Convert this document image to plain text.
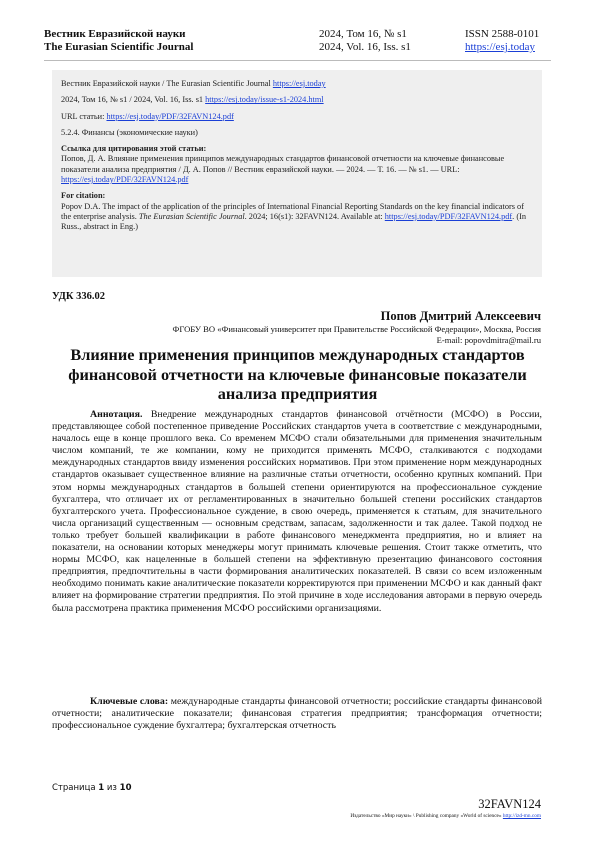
Вестник Евразийской науки
The Eurasian Scientific Journal
2024, Том 16, № s1
2024, Vol. 16, Iss. s1
ISSN 2588-0101
https://esj.today

Вестник Евразийской науки / The Eurasian Scientific Journal https://esj.today

2024, Том 16, № s1 / 2024, Vol. 16, Iss. s1 https://esj.today/issue-s1-2024.html

URL статьи: https://esj.today/PDF/32FAVN124.pdf

5.2.4. Финансы (экономические науки)

Ссылка для цитирования этой статьи:
Попов, Д. А. Влияние применения принципов международных стандартов финансовой отчетности на ключевые финансовые показатели анализа предприятия / Д. А. Попов // Вестник евразийской науки. — 2024. — Т. 16. — № s1. — URL: https://esj.today/PDF/32FAVN124.pdf

For citation:
Popov D.A. The impact of the application of the principles of International Financial Reporting Standards on the key financial indicators of the enterprise analysis. The Eurasian Scientific Journal. 2024; 16(s1): 32FAVN124. Available at: https://esj.today/PDF/32FAVN124.pdf. (In Russ., abstract in Eng.)

УДК 336.02
Попов Дмитрий Алексеевич
ФГОБУ ВО «Финансовый университет при Правительстве Российской Федерации», Москва, Россия
E-mail: popovdmitra@mail.ru
Влияние применения принципов международных стандартов финансовой отчетности на ключевые финансовые показатели анализа предприятия

Аннотация. Внедрение международных стандартов финансовой отчётности (МСФО) в России, представляющее собой постепенное приведение Российских стандартов учета в соответствие с международными, началось еще в конце прошлого века. Со временем МСФО стали обязательными для применения значительным числом компаний, те же компании, кому не приходится применять МСФО, сталкиваются с подходами международных стандартов ввиду изменения российских нормативов. При этом применение норм международных стандартов оказывает существенное влияние на различные статьи отчетности, особенно крупных компаний. При этом нормы международных стандартов в большей степени ориентируются на профессиональное суждение бухгалтера, что отличает их от регламентированных в значительно большей степени российских стандартов бухгалтерского учета. Профессиональное суждение, в свою очередь, применяется к статьям, для значительного числа организаций существенным — основным средствам, запасам, задолженности и так далее. Такой подход не только требует большей квалификации в работе финансового менеджмента предприятия, но и влияет на показатели, на основании которых менеджеры могут принимать ключевые решения. Стоит также отметить, что нормы МСФО, как нацеленные в большей степени на эффективную презентацию финансового состояния предприятия, предпочтительны в части формирования аналитических показателей. В связи со всем изложенным необходимо понимать какие аналитические показатели корректируются при применении МСФО и как данный факт влияет на формирование стратегии предприятия. По этой причине в ходе исследования авторами в первую очередь была рассмотрена практика применения МСФО российскими организациями.

Ключевые слова: международные стандарты финансовой отчетности; российские стандарты финансовой отчетности; аналитические показатели; финансовая стратегия предприятия; трансформация отчетности; профессиональное суждение бухгалтера; бухгалтерская отчетность

Страница 1 из 10
32FAVN124
Издательство «Мир науки» \ Publishing company «World of science» http://izd-mn.com
